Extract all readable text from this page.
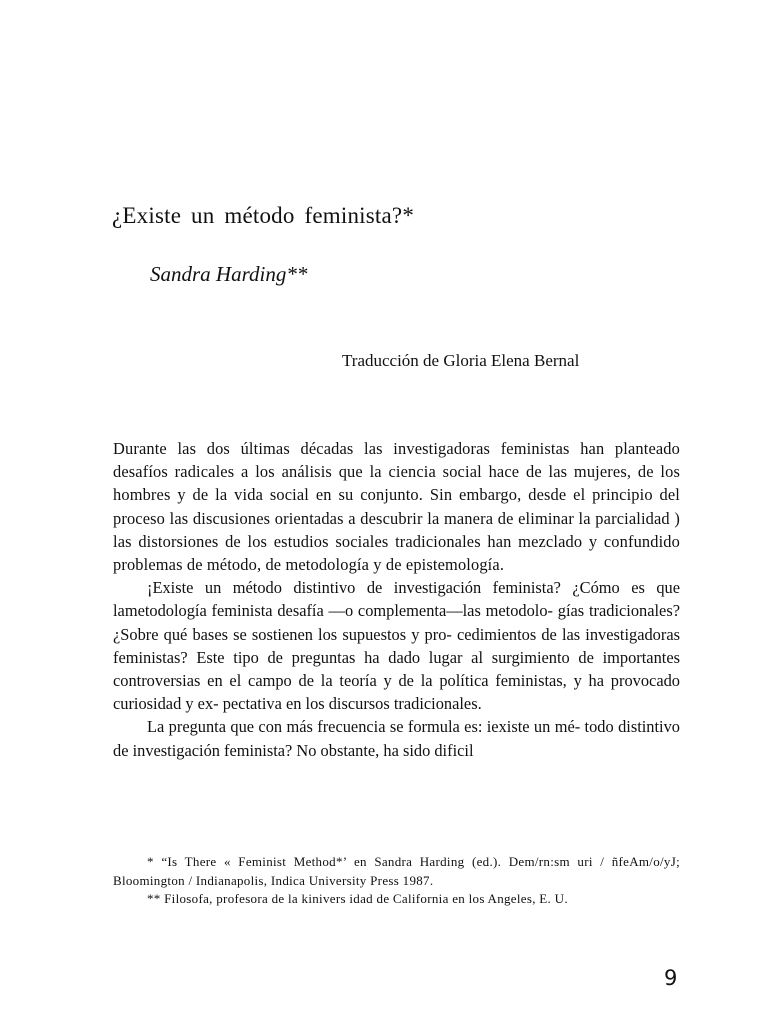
¿Existe un método feminista?*
Sandra Harding**
Traducción de Gloria Elena Bernal

Durante las dos últimas décadas las investigadoras feministas han planteado desafíos radicales a los análisis que la ciencia social hace de las mujeres, de los hombres y de la vida social en su conjunto. Sin embargo, desde el principio del proceso las discusiones orientadas a descubrir la manera de eliminar la parcialidad ) las distorsiones de los estudios sociales tradicionales han mezclado y confundido problemas de método, de metodología y de epistemología.

¡Existe un método distintivo de investigación feminista? ¿Cómo es que lametodología feminista desafía —o complementa—las metodolo- gías tradicionales? ¿Sobre qué bases se sostienen los supuestos y pro- cedimientos de las investigadoras feministas? Este tipo de preguntas ha dado lugar al surgimiento de importantes controversias en el campo de la teoría y de la política feministas, y ha provocado curiosidad y ex- pectativa en los discursos tradicionales.

La pregunta que con más frecuencia se formula es: iexiste un mé- todo distintivo de investigación feminista? No obstante, ha sido dificil

* “Is There « Feminist Method*’ en Sandra Harding (ed.). Dem/rn:sm uri / ñfeAm/o/yJ; Bloomington / Indianapolis, Indica University Press 1987.

** Filosofa, profesora de la kinivers idad de California en los Angeles, E. U.

9
